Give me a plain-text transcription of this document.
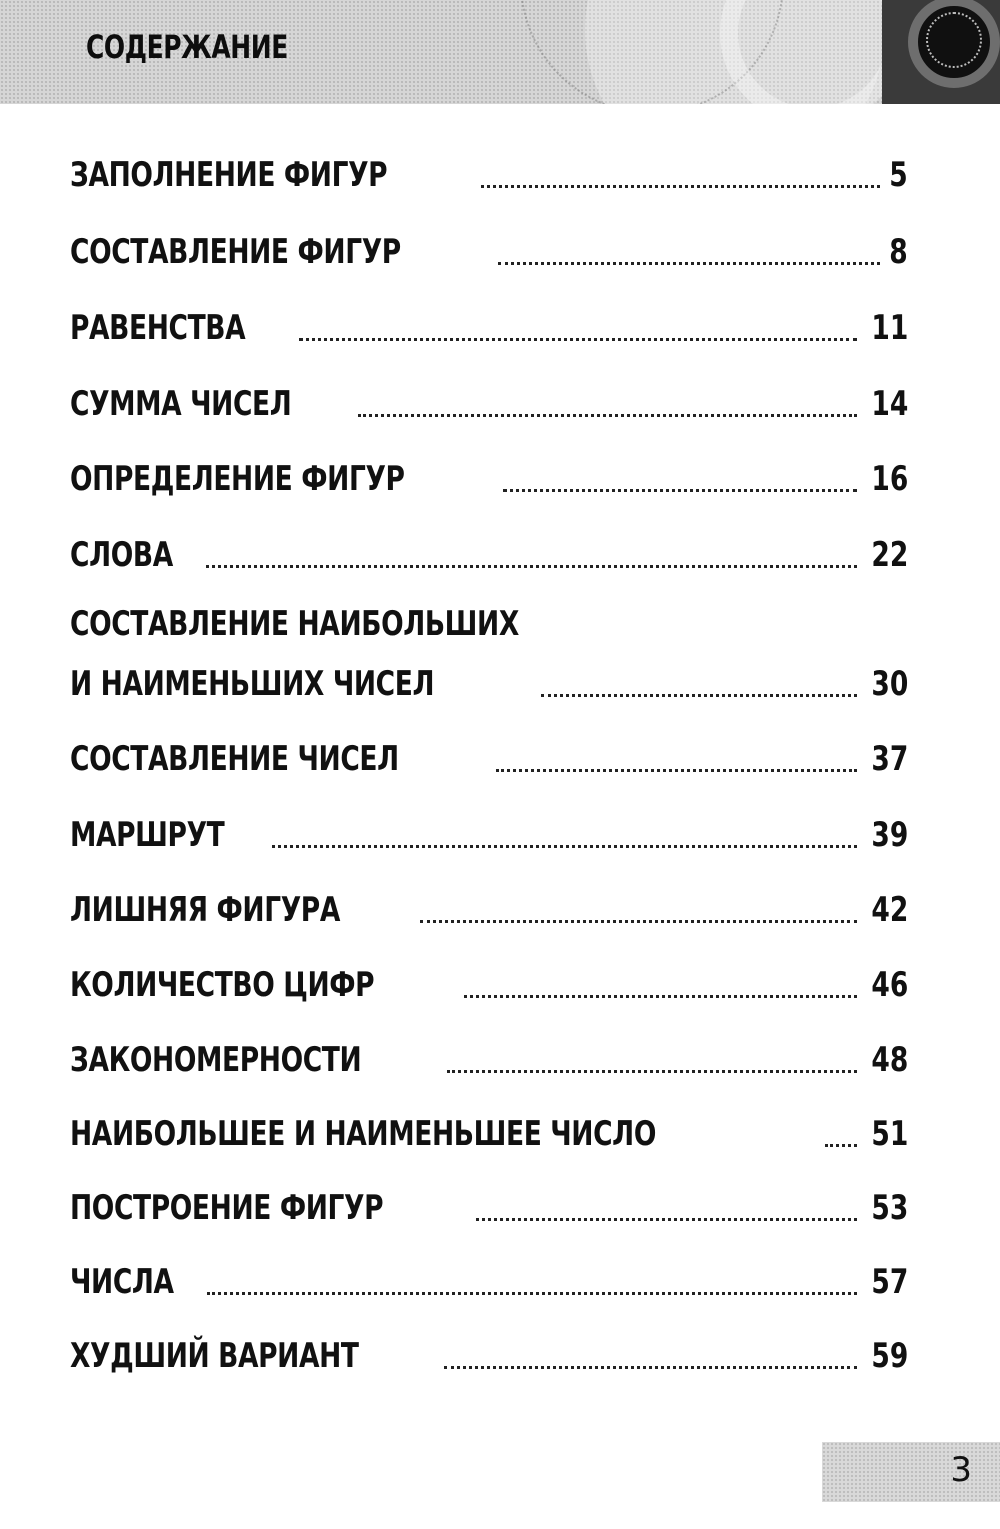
СОДЕРЖАНИЕ
ЗАПОЛНЕНИЕ ФИГУР	5
СОСТАВЛЕНИЕ ФИГУР	8
РАВЕНСТВА	11
СУММА ЧИСЕЛ	14
ОПРЕДЕЛЕНИЕ ФИГУР	16
СЛОВА	22
СОСТАВЛЕНИЕ НАИБОЛЬШИХ
И НАИМЕНЬШИХ ЧИСЕЛ	30
СОСТАВЛЕНИЕ ЧИСЕЛ	37
МАРШРУТ	39
ЛИШНЯЯ ФИГУРА	42
КОЛИЧЕСТВО ЦИФР	46
ЗАКОНОМЕРНОСТИ	48
НАИБОЛЬШЕЕ И НАИМЕНЬШЕЕ ЧИСЛО	51
ПОСТРОЕНИЕ ФИГУР	53
ЧИСЛА	57
ХУДШИЙ ВАРИАНТ	59
3
